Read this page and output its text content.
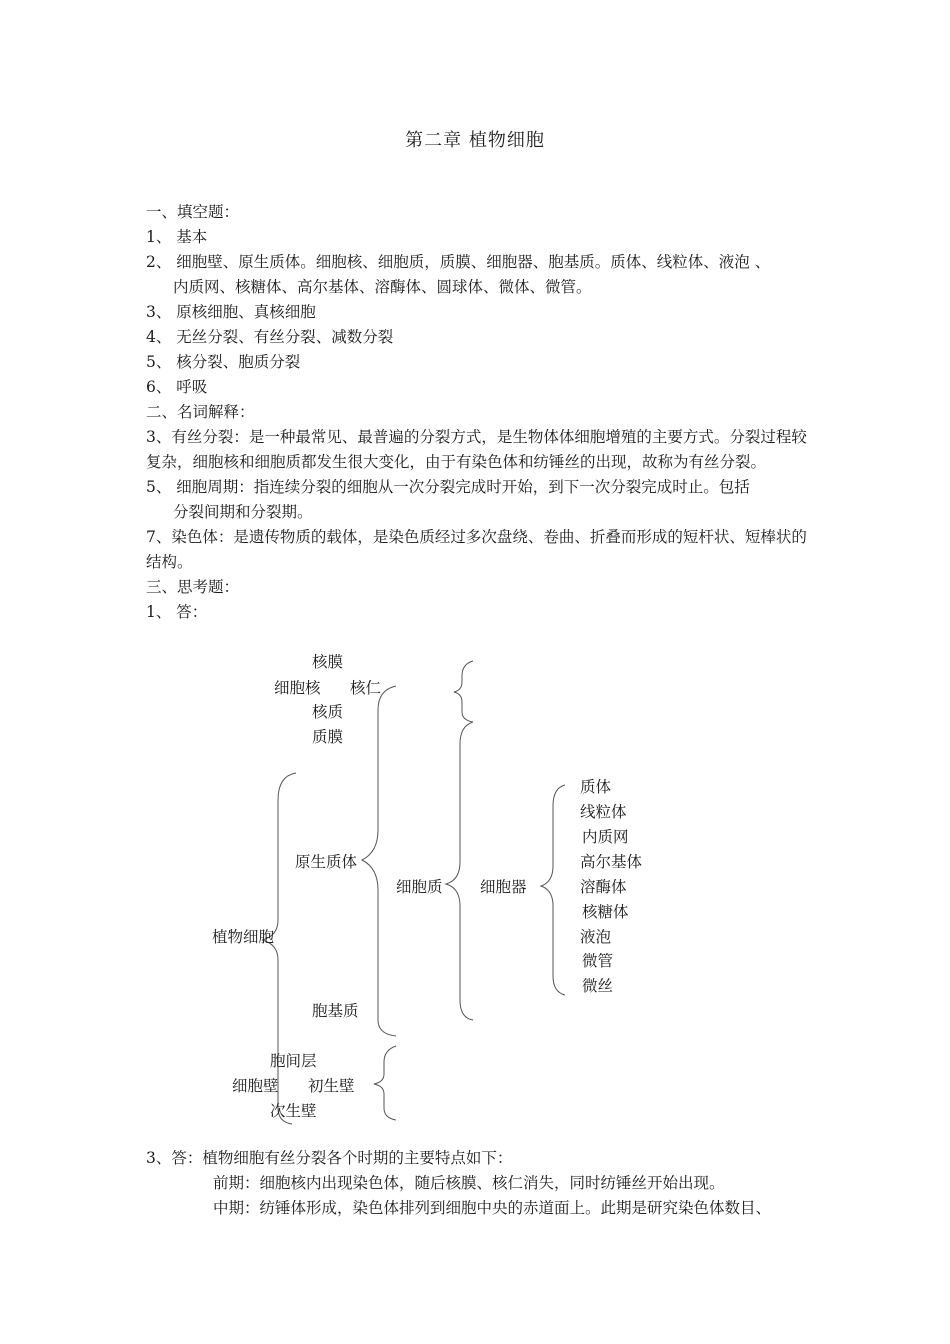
第二章 植物细胞

一、填空题：

1、 基本

2、 细胞壁、原生质体。细胞核、细胞质，质膜、细胞器、胞基质。质体、线粒体、液泡 、

内质网、核糖体、高尔基体、溶酶体、圆球体、微体、微管。

3、 原核细胞、真核细胞

4、 无丝分裂、有丝分裂、减数分裂

5、 核分裂、胞质分裂

6、 呼吸

二、名词解释：

3、有丝分裂：是一种最常见、最普遍的分裂方式，是生物体体细胞增殖的主要方式。分裂过程较复杂，细胞核和细胞质都发生很大变化，由于有染色体和纺锤丝的出现，故称为有丝分裂。

5、 细胞周期：指连续分裂的细胞从一次分裂完成时开始，到下一次分裂完成时止。包括

分裂间期和分裂期。

7、染色体：是遗传物质的载体，是染色质经过多次盘绕、卷曲、折叠而形成的短杆状、短棒状的结构。

三、思考题：

1、 答：

核膜
细胞核 核仁
核质
质膜
原生质体
细胞质 细胞器
植物细胞
胞基质
质体
线粒体
内质网
高尔基体
溶酶体
核糖体
液泡
微管
微丝
胞间层
细胞壁 初生壁
次生壁

3、答：植物细胞有丝分裂各个时期的主要特点如下：

前期：细胞核内出现染色体，随后核膜、核仁消失，同时纺锤丝开始出现。

中期：纺锤体形成，染色体排列到细胞中央的赤道面上。此期是研究染色体数目、
